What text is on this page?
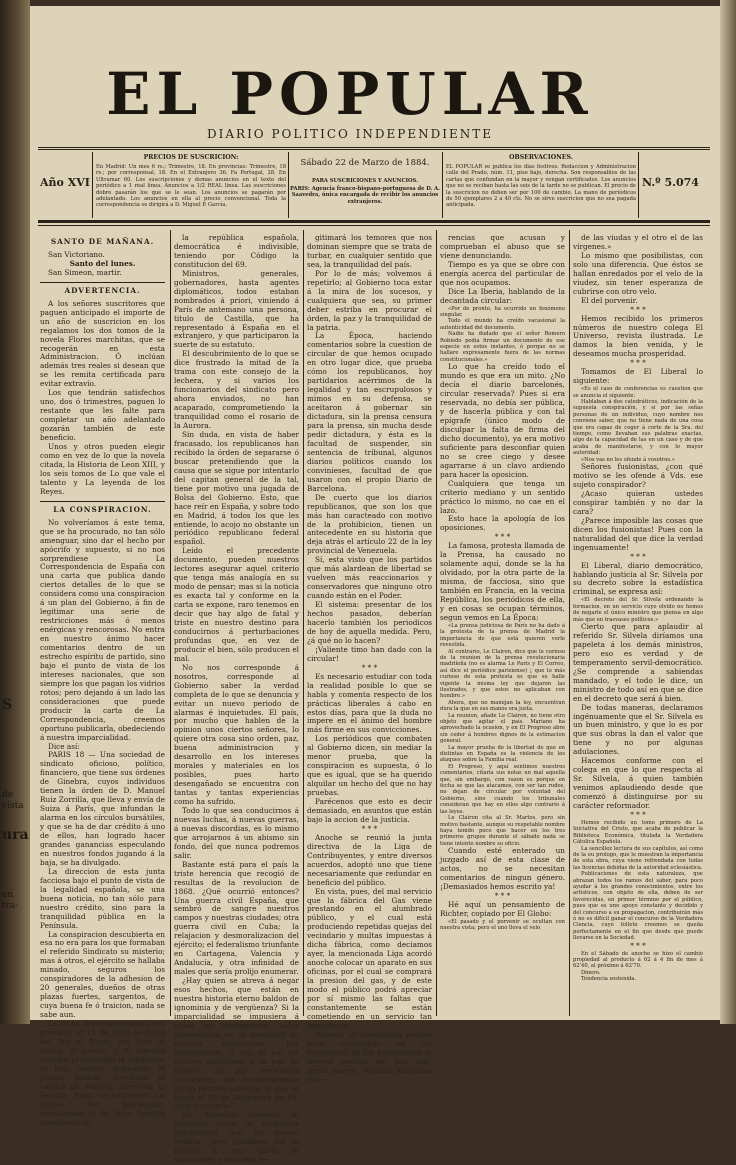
S
de vista
ura
en tra-
EL POPULAR
DIARIO POLITICO INDEPENDIENTE
Año XVI
PRECIOS DE SUSCRICION:
En Madrid: Un mes 6 rs.; Trimestre, 18. En provincias: Trimestre, 18 rs.; por corresponsal, 18. En el Extranjero 36. Fa Portugal, 28. En Ultramar 60. Los suscripciones y demas anuncios en el texto del periódico a 1 real línea. Anuncios a 1/2 REAL linea. Las suscriciones dobre pasarán los que se le sean. Los anuncios se pagarán por adelantado. Los anuncios en ella al precio convencional. Toda la correspondencia se dirigirá a D. Miguel P. García.
Sábado 22 de Marzo de 1884.
PARA SUSCRICIONES Y ANUNCIOS.
PARIS: Agencia franco-hispano-portuguesa de D. A. Saavedra, única encargada de recibir los anuncios extranjeros.
OBSERVACIONES.
EL POPULAR se publica los dias festivos. Redaccion y Administracion calle del Prado, núm. 11, piso bajo, derecha. Son responsables de las cartas que confundan en la mayor y vengan certificados. Los anuncios que no se reciban hasta las seis de la tarde no se publican. El precio de la suscricion no deben ser por 100 de cambio. La mano de periódicos de 50 ejemplares 2 a 40 cts. No se sirve suscricion que no sea pagada anticipada.
N.º 5.074
SANTO DE MAÑANA.

San Victoriano.

Santo del lunes.

San Simeon, martir.

ADVERTENCIA.

A los señores suscritores que paguen anticipado el importe de un año de suscricion en los regalamos los dos tomos de la novela Flores marchitas, que se recogerán en esta Administracion. Ó inclúan además tres reales si desean que se les remita certificada para evitar extravío.

Los que tendrán satisfechos uno, dos ó trimestres, paguen lo restante que les falte para completar un año adelantado gozarán también de este beneficio.

Unos y otros pueden elegir como en vez de lo que la novela citada, la Historia de Leon XIII, y los seis tomos de Lo que vale el talento y La leyenda de los Reyes.

LA CONSPIRACION.

No volveríamos á este tema, que se ha procurado, no tan sólo amenguar, sino dar el hecho por apócrifo y supuesto, si no nos sorprendiese La Correspondencia de España con una carta que publica dando ciertos detalles de lo que se considera como una conspiracion á un plan del Gobierno, á fin de legitimar una serie de restricciones más ó menos enérgicas y rencorosas. No entra en nuestro ánimo hacer comentarios dentro de un estrecho espíritu de partido, sino bajo el punto de vista de los intereses nacionales, que son siempre los que pagan los vidrios rotos; pero dejando á un lado las consideraciones que puede producir la carta de La Correspondencia, creemos oportuno publicarla, obedeciendo á nuestra imparcialidad.

Dice así:

PARIS 18 — Una sociedad de sindicato oficioso, político, financiero, que tiene sus órdenes de Ginebra, cuyos individuos tienen la órden de D. Manuel Ruiz Zorrilla, que lleva y envía de Suiza á París, que infundan la alarma en los círculos bursátiles, y que se ha de dar crédito á uno de ellos, han logrado hacer grandes ganancias especulando en nuestros fondos jugando á la baja, se ha divulgado.

La direccion de esta junta facciosa bajo el punto de vista de la legalidad española, se una buena noticia, no tan sólo para nuestro crédito, sino para la tranquilidad pública en la Península.

La conspiracion descubierta en esa no era para los que formaban el referido Sindicato su misterio; mas á otros, el ejército se hallaba minado, seguros los conspiradores de la adhesion de 20 generales, dueños de otras plazas fuertes, sargentos, de cuya buena fe ó traicion, nada se sabe aun.

La fecha del levantamiento era próxima; el 15 de Abril se dicho del Sur al Norte, del Este al Oeste, el pueblo y el ejército habrían proclamado la república; el Rey, hombre prisionero el propio palacio, acechado el capital de Madrid, libertada la Familia Real, secuestrados los bienes del patrimonio, proclamado el Sr. Ruiz Zorrilla presidente de

la república española, democrática é indivisible, teniendo por Código la constitucion del 69.

Ministros, generales, gobernadores, hasta agentes diplomáticos, todos estaban nombrados á priori, viniendo á París de antemano una persona, titulo de Castilla, que ha representado á España en el extranjero, y que participaron la suerte de su estatuto.

El descubrimiento de lo que se dice frustrado la mitad de la trama con este consejo de la lechera, y si varios los funcionarios del sindicato pero ahora enviados, no han acaparado, comprometiendo la tranquilidad como el rosario de la Aurora.

Sin duda, en vista de haber fracasado, los republicanos han recibido la órden de separarse ó buscar pretendiendo que la causa que se sigue por intentarlo del capitan general de la tal, tiene por motivo una jugada de Bolsa del Gobierno. Esto, que hace reír en España, y sobre todo en Madrid, á todos los que les entiende, lo acojo no obstante un periódico republicano federal español.

Leído el precedente documento, pueden nuestros lectores asegurar aquel criterio que tenga más analogía en su modo de pensar; mas si la noticia es exacta tal y conforme en la carta se expone, raro tenemos en decir que hay algo de fatal y triste en nuestro destino para conducirnos á perturbaciones profundas que, en vez de producir el bien, sólo producen el mal.

No nos corresponde á nosotros, corresponde al Gobierno saber la verdad completa de lo que se denuncia y evitar un nuevo periodo de alarmas é inquietudes. El país, por mucho que hablen de la opinion unos ciertos señores, lo quiere otra cosa sino orden, paz, buena administracion y desarrollo en los intereses morales y materiales en los posibles, pues harto desengañado se encuentra con tantas y tantas experiencias como ha sufrido.

Todo lo que sea conducirnos á nuevas luchas, á nuevas guerras, á nuevas discordias, es lo mismo que arrojarnos á un abismo sin fondo, del que nunca podremos salir.

Bastante está para el país la triste herencia que recogió de resultas de la revolucion de 1868. ¿Qué ocurrió entonces? Una guerra civil España, que sembró de sangre nuestros campos y nuestras ciudades; otra guerra civil en Cuba; la relajacion y desmoralizacion del ejército; el federalismo triunfante en Cartagena, Valencia y Andalucía, y otra infinidad de males que sería prolijo enumerar.

¿Hay quien se atreva á negar esos hechos, que están en nuestra historia eterno baldon de ignominia y de vergüenza? Si la imparcialidad se impusiera á todas las inteligencias, todos convendrían en la exactitud de nuestra apreciacion; por consiguiente, si hoy, ya por los errores anteriores ó la paz de España, ya por inevitables accidentes, nos encontrásemos en un periodo parecido al que se inició el 29 de Setiembre de 68, ¿qué sucedería?

No debemos pensarlo ni podemos darle la verdadera importancia que tal suceso tendría; pero gradúese por lo pasado lo que había de sobrevenir, y esto sólo le-

gitimará los temores que nos dominan siempre que se trata de turbar, en cualquier sentido que sea, la tranquilidad del país.

Por lo de más; volvemos á repetirlo; al Gobierno toca estar á la mira de los sucesos, y cualquiera que sea, su primer deber estriba en procurar el órden, la paz y la tranquilidad de la patria.

La Época, haciendo comentarios sobre la cuestion de circular de que hemos ocupado en otro lugar dice, que prueba cómo los republicanos, hoy partidarios acérrimos de la legalidad y tan escrupulosos y mimos en su defensa, se aceitaron á gobernar sin dictadura, sin la prensa censura para la prensa, sin mucha desde pedir dictadura, y ésta es la facultad de suspender, sin sentencia de tribunal, algunos diarios políticos cuando los convinieses, facultad de que usaron con el propio Diario de Barcelona.

De cuerto que los diarios republicanos, que son los que más han caracteado con motivo de la prohibicion, tienen un antecedente en su historia que deja atrás el artículo 22 de la ley provincial de Venezuela.

Sí, esta visto que los partidos que más alardean de libertad se vuelven más reaccionarios y conservadores que ninguno otro cuando están en el Poder.

El sistema: presentar de los hechos pasados, deberían hacerlo también los periodicos de hoy de aquella medida. Pero, ¿á qué no lo hacen?

¡Valiente timo han dado con la circular!

* * *

Es necesario estudiar con toda la realidad posible lo que se habla y comenta respecto de los prácticas liberales á cabo en estos días, para que la duda no impere en el ánimo del hombre más firme en sus convicciones.

Los periódicos que combaten al Gobierno dicen, sin mediar la menor prueba, que la conspiracion es supuesta, ó lo que es igual, que se ha querido alquilar un hecho del que no hay pruebas.

Parécenos que esto es decir demasiado, en asuntos que están bajo la accion de la justicia.

* * *

Anoche se reunió la junta directiva de la Liga de Contribuyentes, y entre diversos acuerdos, adoptó uno que tiene necesariamente que redundar en beneficio del público.

En vista, pues, del mal servicio que la fábrica del Gas viene prestando en el alumbrado público, y el cual está produciendo repetidas quejas del vecindario y multas impuestas á dicha fábrica, como deciamos ayer, la mencionada Liga acordó anoche colocar un aparato en sus oficinas, por el cual se comprará la presion del gas, y de este modo el público podrá apreciar por sí mismo las faltas que constantemente se están cometiendo en un servicio tan importante.

Además se nombrarán peritos para comprobar en los contadores de los particulares la diversa presion del gas, que, según parece, resultan marcadas dife-

rencias que acusan y comprueban el abuso que se viene denunciando.

Tiempo es ya que se obre con energía acerca del particular de que nos ocupamos.

Dice La Iberia, hablando de la decantada circular:

«Por de pronto, ha ocurrido un fenómeno singular.

Todo el mundo ha creído vacasional la autenticidad del documento.

Nadie ha dudado que el señor Romero Robledo podia firmar un documento de ese especie en estos instantes, ó porque no se hallare expresamente fuera de las normas constitucionales.»

Lo que ha creído todo el mundo es que era un mito. ¿No decía el diario barcelonés, circular reservada? Pues si era reservada, no debía ser pública, y de hacerla pública y con tal epígrafe (único modo de disculpar la falta de firma del dicho documento), ya era motivo suficiente para desconfiar quien no se cree ciego y desee agarrarse á un clavo ardiendo para hacer la oposicion.

Cualquiera que tenga un criterio mediano y un sentido práctico lo mismo, no cae en el lazo.

Esto hace la apología de los oposiciones.

* * *

La famosa, protesta llamada de la Prensa, ha causado no solamente aquí, donde se la ha olvidado, por la otra parte de la misma, de facciosa, sino que también en Francia, en la vecina República, los periódicos de ella, y en cosas se ocupan términos, segun vemos en La Época:

«La prensa judiciosa de París no ha dado á la protesta de la prensa de Madrid la importancia de que está quieren verle revestida.

Al contrario, Le Clairon, dice que le curioso de la reunion de la prensa revolucionaria madrileña (no es alarma Le Paris y El Correo, así dice el periódico parisiense) ¡ que lo más curioso de esta protesta es que se halle vigente la misma ley que dejaron las ilustrados, y que estos no aplicaban con hombre.»

Ahora, que no manejan la ley, encuentran dura la que en sus manos era justa.

La reunion, añade Le Clairon, no tiene otro objeto que agitar el país. Mariano ha aprovechado la ocasion, y en El Progreso abre sin ceder á hombres dignos de la estimacion general.

La mayor prueba de la libertad de que en distintas en España es la violencia de los ataques sobre la Familia real.

El Progreso, y aquí sentimos nuestros comentarios, citaría sus notas un mal aquella que, sin embargo, con razon es porque en fecha se que las atacamos, con ser tan rudos, no dejan de circular por voluntad del Gobierno, sino cuando los tribunales consideran que hay en ellos algo contrario á las leyes.

Le Clairon cita al Sr. Martos, pero sin motivo bastante, aunque su respetable nombre haya tenido poco que hacer en los tres primeros grupos durante el sábado nada se tiene intento nombre su oficio.

Cuando esté enterado un juzgado así de esta clase de actos, no se necesitan comentarios de ningun género. ¡Demasiados hemos escrito ya!

* * *

Hé aquí un pensamiento de Richter, copiado por El Globo:

«El pasado y el porvenir se ocultan con nuestra vista; pero el uno lleva el velo

de las viudas y el otro el de las vírgenes.»

Lo mismo que posibilistas, con solo una diferencia. Que éstos se hallan enredados por el velo de la viudez, sin tener esperanza de cubrirse con otro velo.

El del porvenir.

* * *

Hemos recibido los primeros números de nuestro colega El Universo, revista ilustrada. Le damos la bien venida, y le deseamos mucha prosperidad.

* * *

Tomamos de El Liberal lo siguiente:

«Es el caso de conferencias es cuestion que se anuncia el siguiente:

Hablaban á dos catedráticos, indicación de la supuesta conspiración, y si por las señas personas de un individuo, cuyo nombre nos conviene saber, que no tiene nada de una cosa que era capaz de coger á corte de la Sra. del tiempo, como llevaban sus palabras exactas, algo de la capacidad de las en un caso y de que acaba de manifestarse, y con lo mayor autoridad:

«Nos vas no les ofende á vosotros.»

Señores fusionistas, ¿con qué motivo se les ofende á Vds. ese sujeto conspirador?

¿Acaso quieran ustedes conspirar también y no dar la cara?

¿Parece imposible las cosas que dicen los fusionistas! Pues con la naturalidad del que dice la verdad ingenuamente!

* * *

El Liberal, diario democrático, hablando justicia al Sr. Silvela por su decreto sobre la estadística criminal, se expresa así:

«El decreto del Sr. Silvela ordenando la formacion, en un servicio cuyo olvido no hemos de negarle el único ministro que piensa en algo más que en trasvases políticos.»

Cierto que para aplaudir al referido Sr. Silvela diríamos una papeleta á los demás ministros, pero eso es verdad y de temperamento servil-democrático. ¿Se comprende a sabiendas mandado, y el todo le dice, un ministro de todo así en que se dice en el decreto que será á bien.

De todas maneras, declaramos ingénuamente que el Sr. Silvela es un buen ministro, y que lo es por que sus obras la dan el valor que tiene y no por algunas adulaciones.

Hacemos conforme con el colega en que lo que respecta al Sr. Silvela, á quien también venimos aplaudiendo desde que comenzó á distinguirse por su carácter reformador.

* * *

Hemos recibido un tomo primero de La Iniciativa del Cristo, que acaba de publicar la Biblioteca Económica, titulada la Verdadera Cátolica Española.

La sencillez lectura de sus capítulos, así como de la eu prologo, que le muestran la importancia de esta obra, cuya viene refrendada con todas las licencias debidas de la autoridad eclesiástica.

Publicaciones de esta naturaleza, que abrazan todos los ramos del saber, para poco ayudar á los grandes conocimientos, entre los artísticos, con objeto de ella, deben de ser favorecidas, en primer término por el público, pues que es uno apoyo constante y decidido y del concurso a su propagacion, contribuirán más ó no es difícil ganar el concurso de la Verdadera Ciencia, cuyo folleto creemos se queda perfectamente en el fin que desde que puede llevarse en la Sociedad.

* * *

En el Sábado de anoche se hizo el cambio propiedad al producto á 62 á 4 fin de mes á 62'40, al próximo á 62'70.

Dinero.

Tendencia sostenida.
